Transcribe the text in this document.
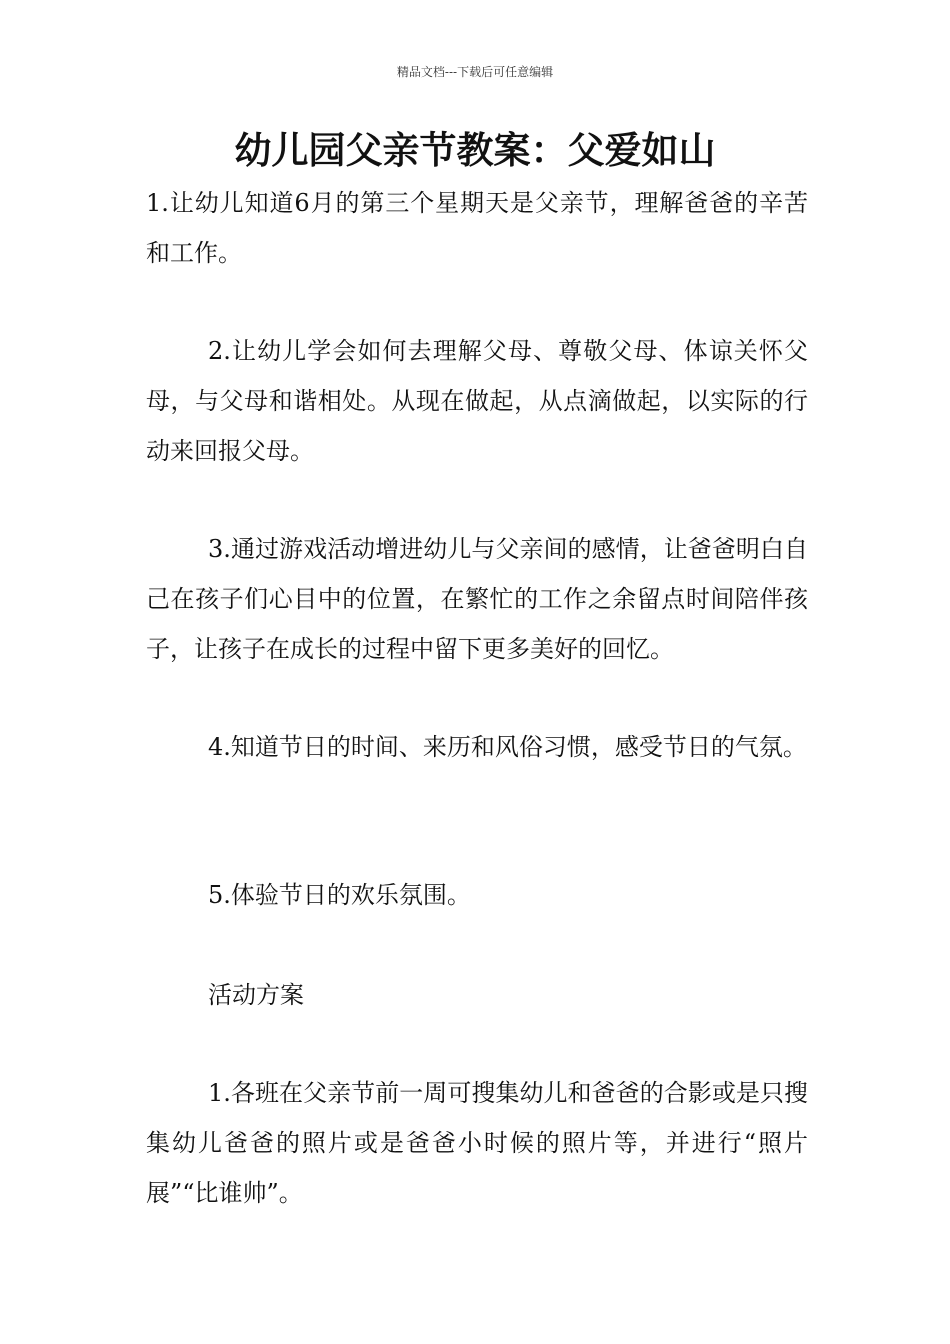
精品文档---下载后可任意编辑
幼儿园父亲节教案：父爱如山

1.让幼儿知道6月的第三个星期天是父亲节，理解爸爸的辛苦和工作。

2.让幼儿学会如何去理解父母、尊敬父母、体谅关怀父母，与父母和谐相处。从现在做起，从点滴做起，以实际的行动来回报父母。

3.通过游戏活动增进幼儿与父亲间的感情，让爸爸明白自己在孩子们心目中的位置，在繁忙的工作之余留点时间陪伴孩子，让孩子在成长的过程中留下更多美好的回忆。

4.知道节日的时间、来历和风俗习惯，感受节日的气氛。

5.体验节日的欢乐氛围。

活动方案

1.各班在父亲节前一周可搜集幼儿和爸爸的合影或是只搜集幼儿爸爸的照片或是爸爸小时候的照片等，并进行“照片展”“比谁帅”。
